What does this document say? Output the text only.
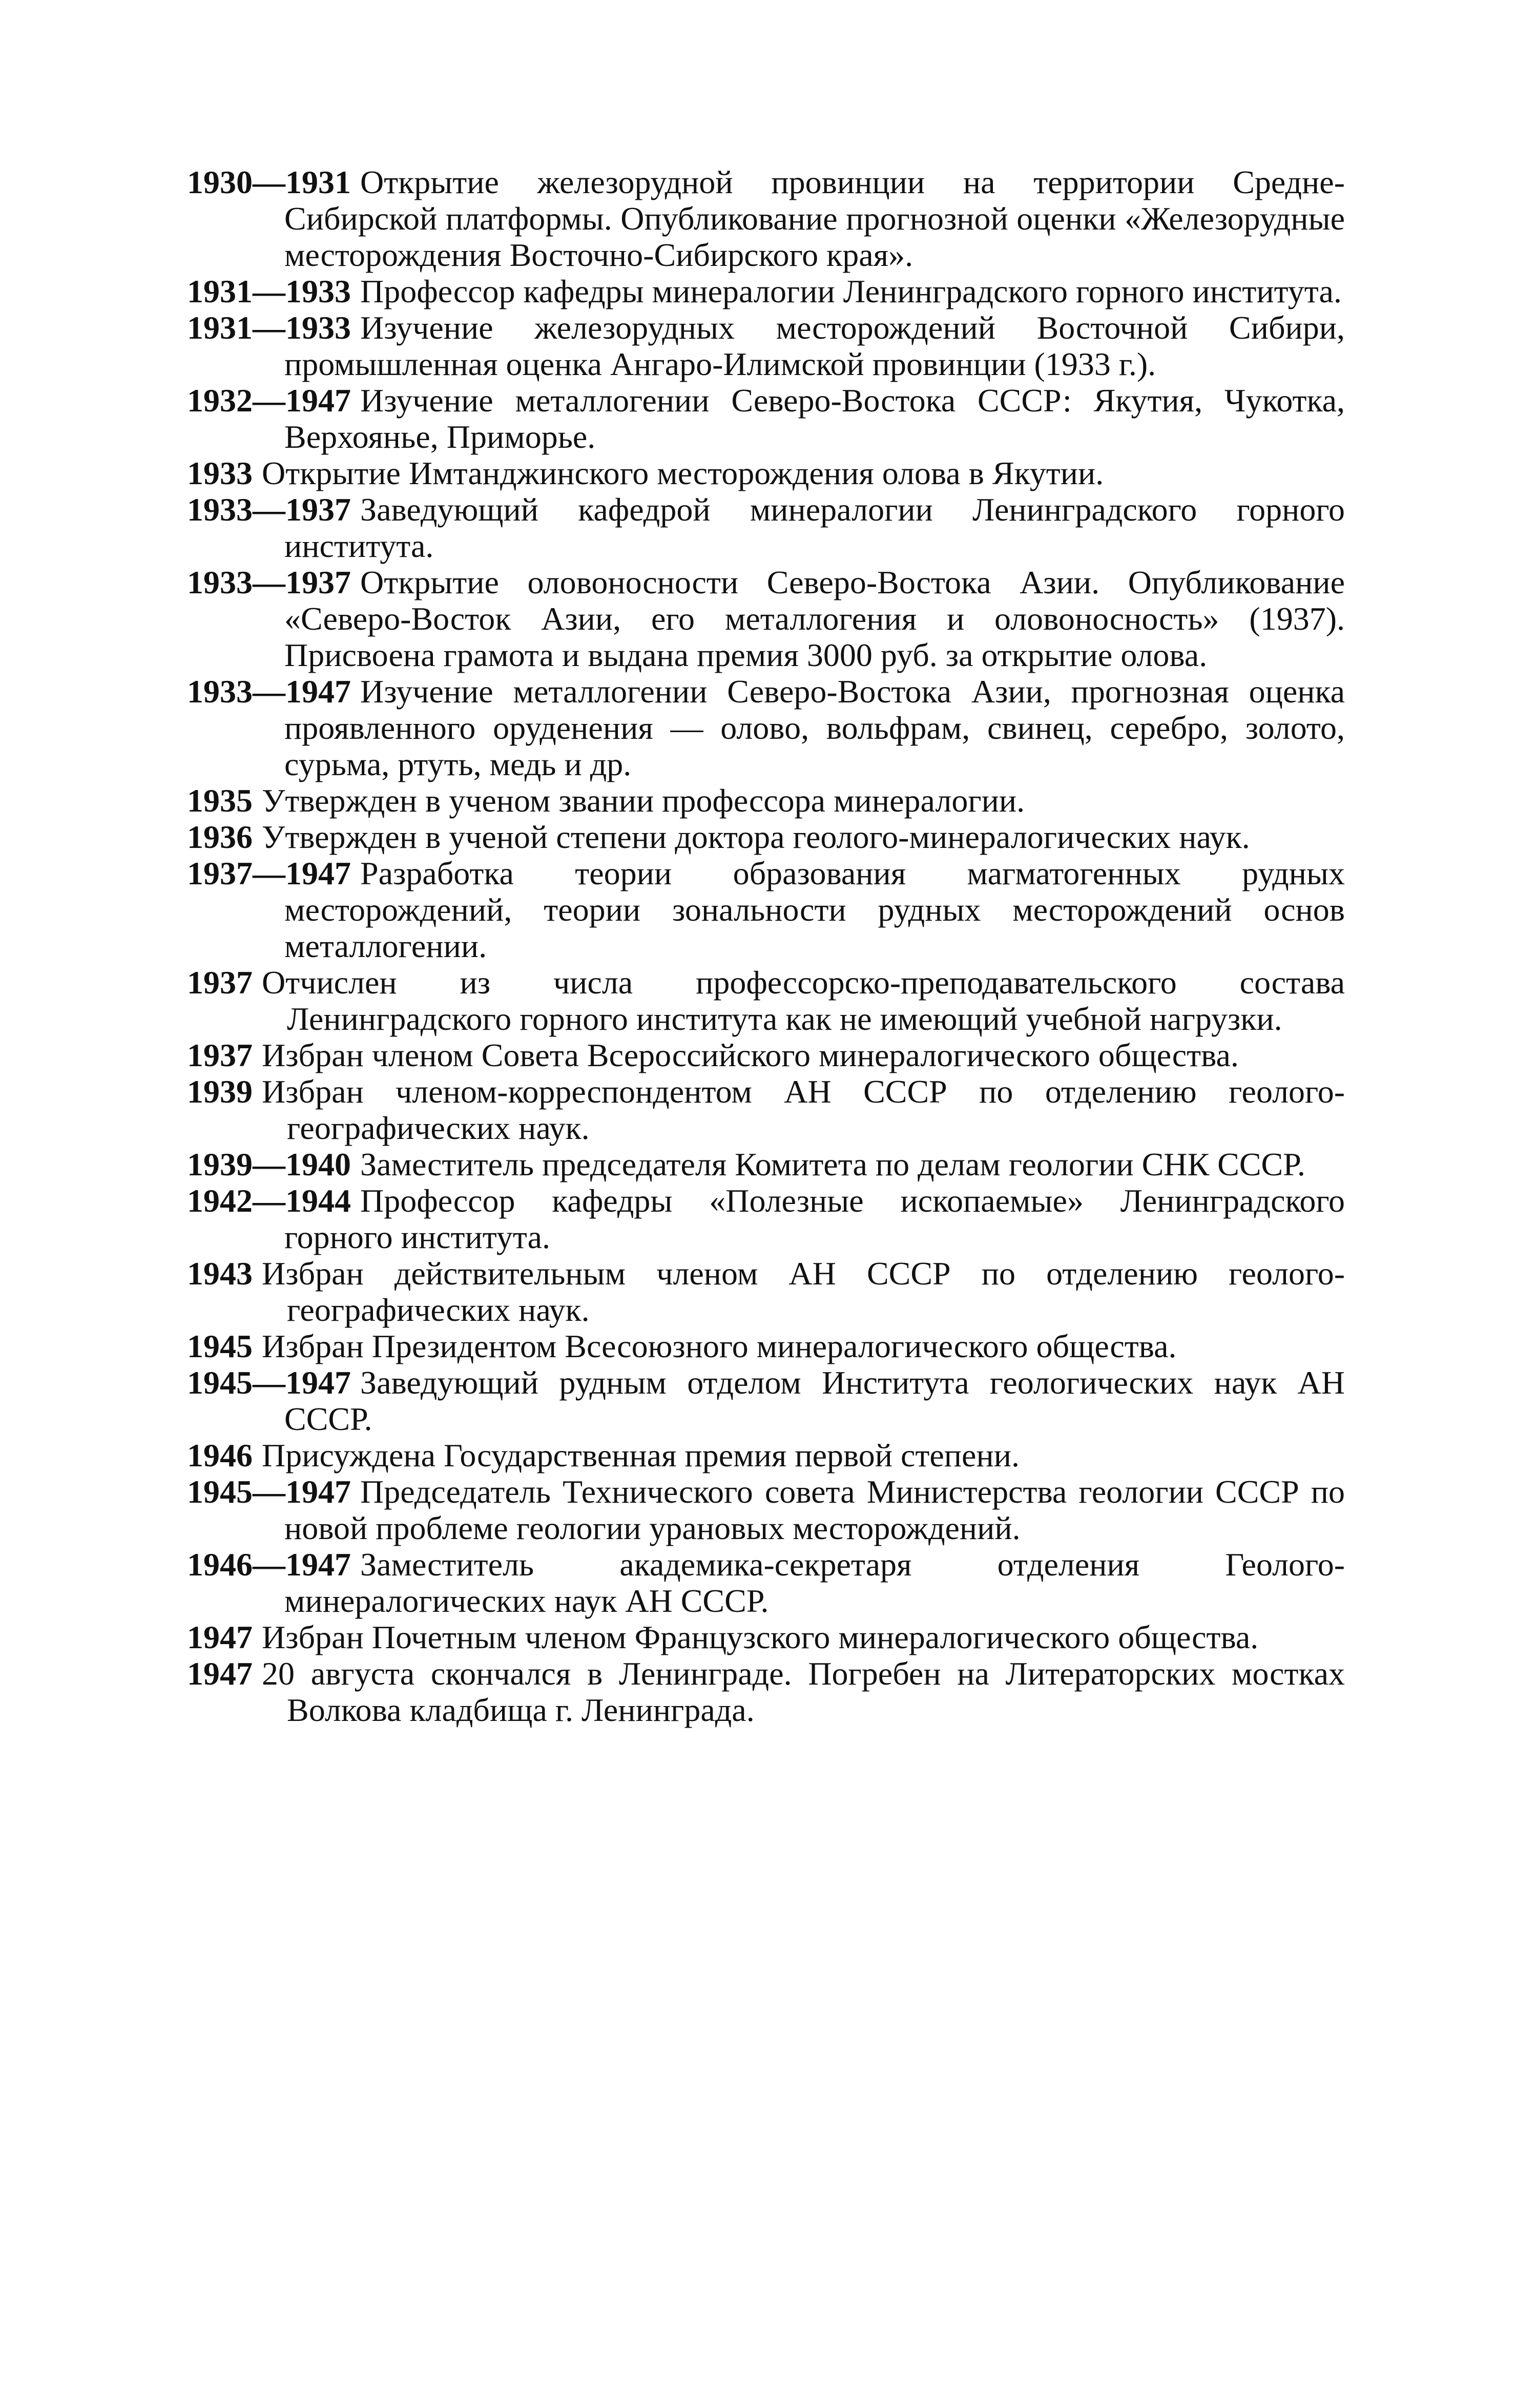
1930—1931 Открытие железорудной провинции на территории Средне-Сибирской платформы. Опубликование прогнозной оценки «Железорудные месторождения Восточно-Сибирского края».
1931—1933 Профессор кафедры минералогии Ленинградского горного института.
1931—1933 Изучение железорудных месторождений Восточной Сибири, промышленная оценка Ангаро-Илимской провинции (1933 г.).
1932—1947 Изучение металлогении Северо-Востока СССР: Якутия, Чукотка, Верхоянье, Приморье.
1933 Открытие Имтанджинского месторождения олова в Якутии.
1933—1937 Заведующий кафедрой минералогии Ленинградского горного института.
1933—1937 Открытие оловоносности Северо-Востока Азии. Опубликование «Северо-Восток Азии, его металлогения и оловоносность» (1937). Присвоена грамота и выдана премия 3000 руб. за открытие олова.
1933—1947 Изучение металлогении Северо-Востока Азии, прогнозная оценка проявленного оруденения — олово, вольфрам, свинец, серебро, золото, сурьма, ртуть, медь и др.
1935 Утвержден в ученом звании профессора минералогии.
1936 Утвержден в ученой степени доктора геолого-минералогических наук.
1937—1947 Разработка теории образования магматогенных рудных месторождений, теории зональности рудных месторождений основ металлогении.
1937 Отчислен из числа профессорско-преподавательского состава Ленинградского горного института как не имеющий учебной нагрузки.
1937 Избран членом Совета Всероссийского минералогического общества.
1939 Избран членом-корреспондентом АН СССР по отделению геолого-географических наук.
1939—1940 Заместитель председателя Комитета по делам геологии СНК СССР.
1942—1944 Профессор кафедры «Полезные ископаемые» Ленинградского горного института.
1943 Избран действительным членом АН СССР по отделению геолого-географических наук.
1945 Избран Президентом Всесоюзного минералогического общества.
1945—1947 Заведующий рудным отделом Института геологических наук АН СССР.
1946 Присуждена Государственная премия первой степени.
1945—1947 Председатель Технического совета Министерства геологии СССР по новой проблеме геологии урановых месторождений.
1946—1947 Заместитель академика-секретаря отделения Геолого-минералогических наук АН СССР.
1947 Избран Почетным членом Французского минералогического общества.
1947 20 августа скончался в Ленинграде. Погребен на Литераторских мостках Волкова кладбища г. Ленинграда.
